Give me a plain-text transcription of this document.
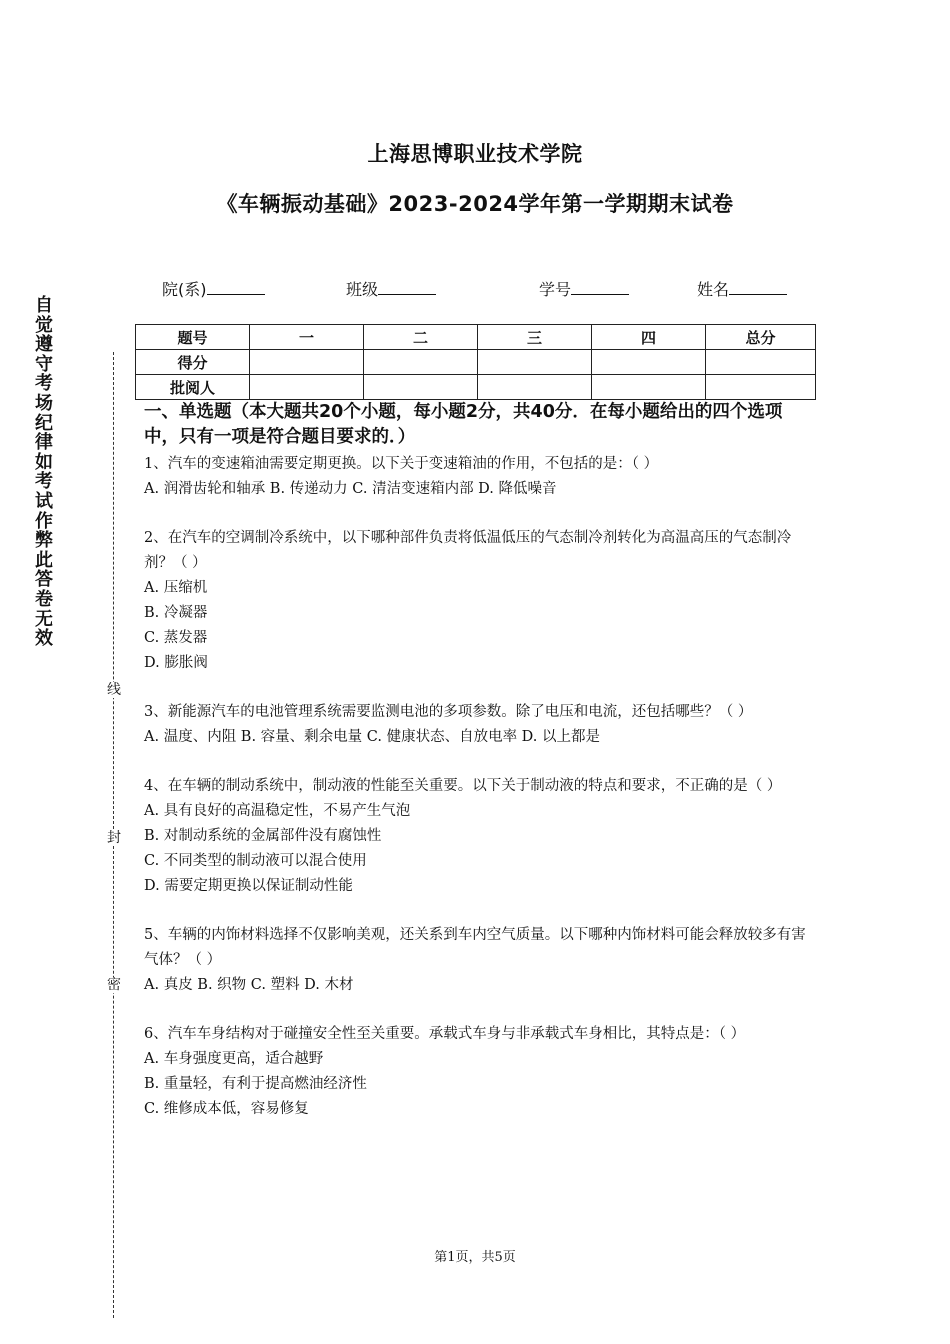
上海思博职业技术学院
《车辆振动基础》2023-2024学年第一学期期末试卷
自觉遵守考场纪律如考试作弊此答卷无效
线
封
密
院(系)	班级	学号	姓名
题号	一	二	三	四	总分
得分					
批阅人					
一、单选题（本大题共20个小题，每小题2分，共40分．在每小题给出的四个选项中，只有一项是符合题目要求的．）

1、汽车的变速箱油需要定期更换。以下关于变速箱油的作用，不包括的是：（ ）

A. 润滑齿轮和轴承 B. 传递动力 C. 清洁变速箱内部 D. 降低噪音

2、在汽车的空调制冷系统中，以下哪种部件负责将低温低压的气态制冷剂转化为高温高压的气态制冷剂？（ ）

A. 压缩机

B. 冷凝器

C. 蒸发器

D. 膨胀阀

3、新能源汽车的电池管理系统需要监测电池的多项参数。除了电压和电流，还包括哪些？（ ）

A. 温度、内阻 B. 容量、剩余电量 C. 健康状态、自放电率 D. 以上都是

4、在车辆的制动系统中，制动液的性能至关重要。以下关于制动液的特点和要求，不正确的是（ ）

A. 具有良好的高温稳定性，不易产生气泡

B. 对制动系统的金属部件没有腐蚀性

C. 不同类型的制动液可以混合使用

D. 需要定期更换以保证制动性能

5、车辆的内饰材料选择不仅影响美观，还关系到车内空气质量。以下哪种内饰材料可能会释放较多有害气体？（ ）

A. 真皮 B. 织物 C. 塑料 D. 木材

6、汽车车身结构对于碰撞安全性至关重要。承载式车身与非承载式车身相比，其特点是：（ ）

A. 车身强度更高，适合越野

B. 重量轻，有利于提高燃油经济性

C. 维修成本低，容易修复

第1页，共5页
